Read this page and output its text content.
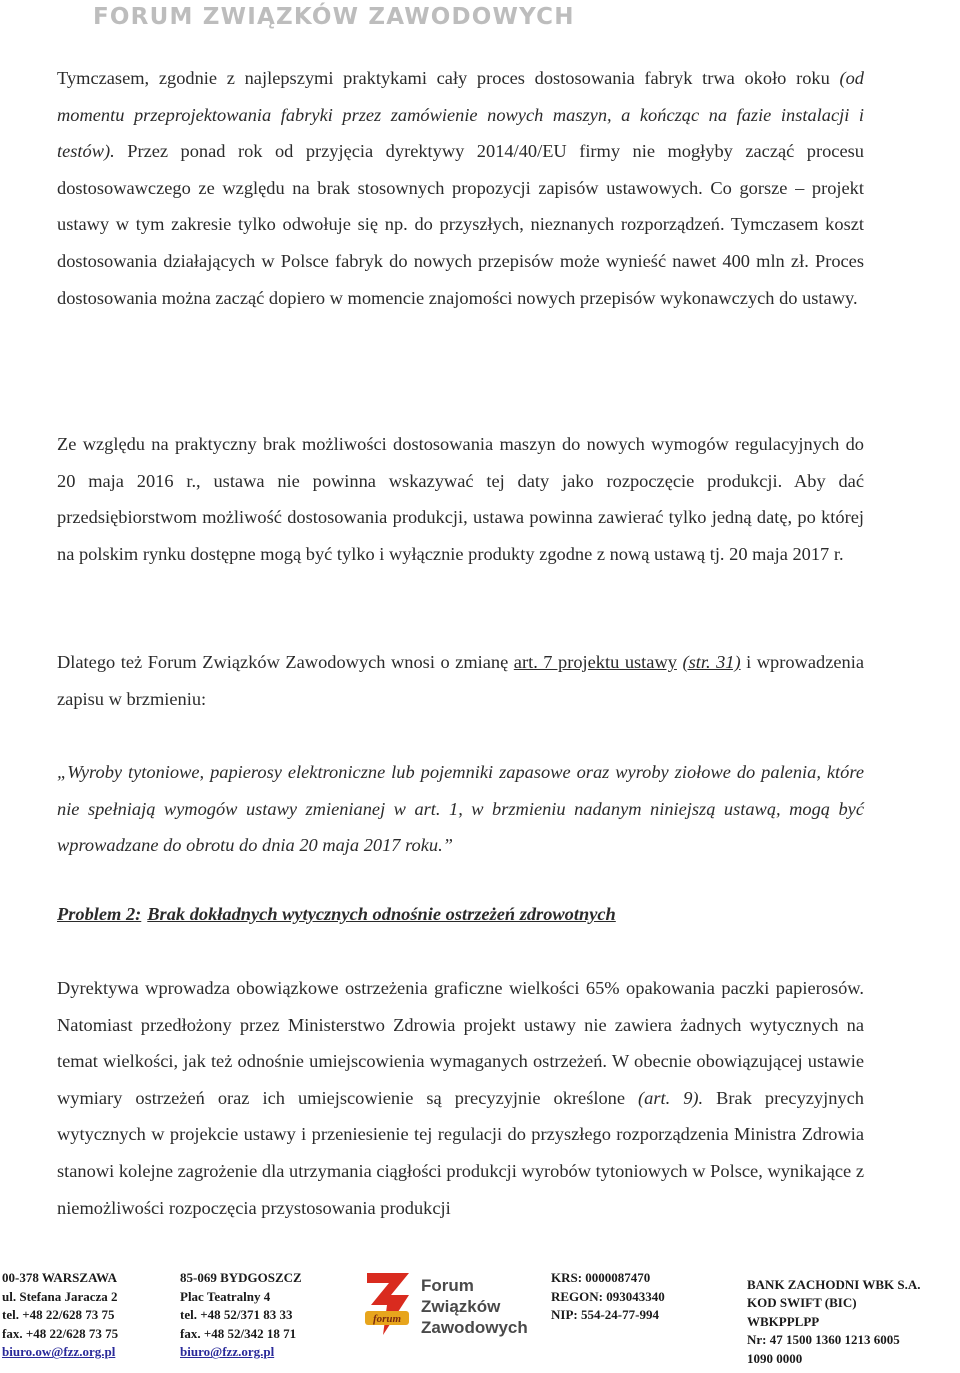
FORUM ZWIĄZKÓW ZAWODOWYCH

Tymczasem, zgodnie z najlepszymi praktykami cały proces dostosowania fabryk trwa około roku (od momentu przeprojektowania fabryki przez zamówienie nowych maszyn, a kończąc na fazie instalacji i testów). Przez ponad rok od przyjęcia dyrektywy 2014/40/EU firmy nie mogłyby zacząć procesu dostosowawczego ze względu na brak stosownych propozycji zapisów ustawowych. Co gorsze – projekt ustawy w tym zakresie tylko odwołuje się np. do przyszłych, nieznanych rozporządzeń. Tymczasem koszt dostosowania działających w Polsce fabryk do nowych przepisów może wynieść nawet 400 mln zł. Proces dostosowania można zacząć dopiero w momencie znajomości nowych przepisów wykonawczych do ustawy.

Ze względu na praktyczny brak możliwości dostosowania maszyn do nowych wymogów regulacyjnych do 20 maja 2016 r., ustawa nie powinna wskazywać tej daty jako rozpoczęcie produkcji. Aby dać przedsiębiorstwom możliwość dostosowania produkcji, ustawa powinna zawierać tylko jedną datę, po której na polskim rynku dostępne mogą być tylko i wyłącznie produkty zgodne z nową ustawą tj. 20 maja 2017 r.

Dlatego też Forum Związków Zawodowych wnosi o zmianę art. 7 projektu ustawy (str. 31) i wprowadzenia zapisu w brzmieniu:

„Wyroby tytoniowe, papierosy elektroniczne lub pojemniki zapasowe oraz wyroby ziołowe do palenia, które nie spełniają wymogów ustawy zmienianej w art. 1, w brzmieniu nadanym niniejszą ustawą, mogą być wprowadzane do obrotu do dnia 20 maja 2017 roku.”

Problem 2: Brak dokładnych wytycznych odnośnie ostrzeżeń zdrowotnych

Dyrektywa wprowadza obowiązkowe ostrzeżenia graficzne wielkości 65% opakowania paczki papierosów. Natomiast przedłożony przez Ministerstwo Zdrowia projekt ustawy nie zawiera żadnych wytycznych na temat wielkości, jak też odnośnie umiejscowienia wymaganych ostrzeżeń. W obecnie obowiązującej ustawie wymiary ostrzeżeń oraz ich umiejscowienie są precyzyjnie określone (art. 9). Brak precyzyjnych wytycznych w projekcie ustawy i przeniesienie tej regulacji do przyszłego rozporządzenia Ministra Zdrowia stanowi kolejne zagrożenie dla utrzymania ciągłości produkcji wyrobów tytoniowych w Polsce, wynikające z niemożliwości rozpoczęcia przystosowania produkcji

00-378 WARSZAWA
ul. Stefana Jaracza 2
tel. +48 22/628 73 75
fax. +48 22/628 73 75
biuro.ow@fzz.org.pl
85-069 BYDGOSZCZ
Plac Teatralny 4
tel. +48 52/371 83 33
fax. +48 52/342 18 71
biuro@fzz.org.pl
forum
Forum
Związków
Zawodowych
KRS: 0000087470
REGON: 093043340
NIP: 554-24-77-994
BANK ZACHODNI WBK S.A.
KOD SWIFT (BIC)
WBKPPLPP
Nr: 47 1500 1360 1213 6005
1090 0000
